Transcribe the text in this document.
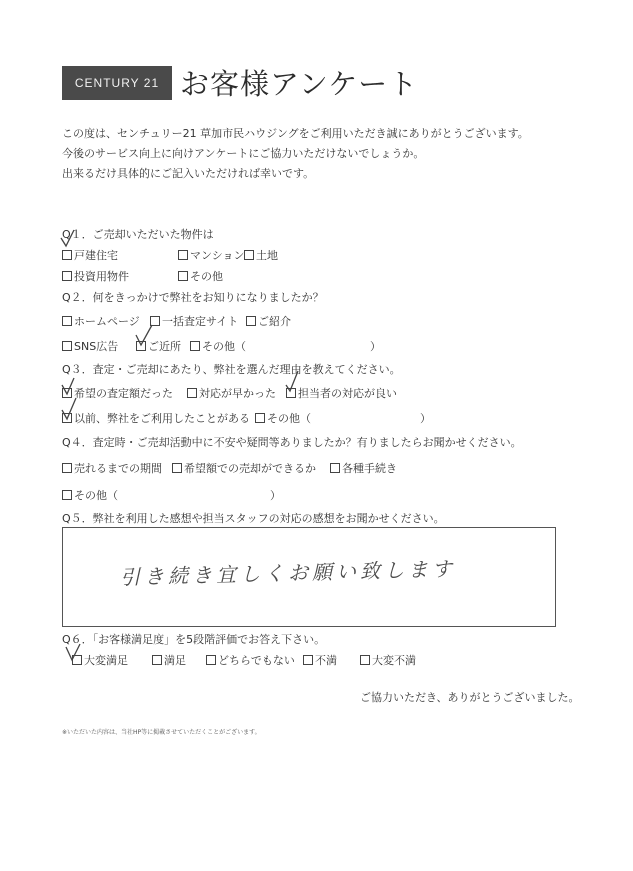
CENTURY 21 お客様アンケート
この度は、センチュリー21 草加市民ハウジングをご利用いただき誠にありがとうございます。
今後のサービス向上に向けアンケートにご協力いただけないでしょうか。
出来るだけ具体的にご記入いただければ幸いです。
Q１．ご売却いただいた物件は
戸建住宅	マンション	土地
投資用物件	その他
Q２．何をきっかけで弊社をお知りになりましたか？
ホームページ	一括査定サイト	ご紹介
SNS広告	ご近所	その他（	）
Q３．査定・ご売却にあたり、弊社を選んだ理由を教えてください。
希望の査定額だった	対応が早かった	担当者の対応が良い
以前、弊社をご利用したことがある	その他（	）
Q４．査定時・ご売却活動中に不安や疑問等ありましたか？有りましたらお聞かせください。
売れるまでの期間	希望額での売却ができるか	各種手続き
その他（	）
Q５．弊社を利用した感想や担当スタッフの対応の感想をお聞かせください。
引き続き宜しくお願い致します
Q６．「お客様満足度」を5段階評価でお答え下さい。
大変満足	満足	どちらでもない	不満	大変不満
ご協力いただき、ありがとうございました。
※いただいた内容は、当社HP等に掲載させていただくことがございます。
